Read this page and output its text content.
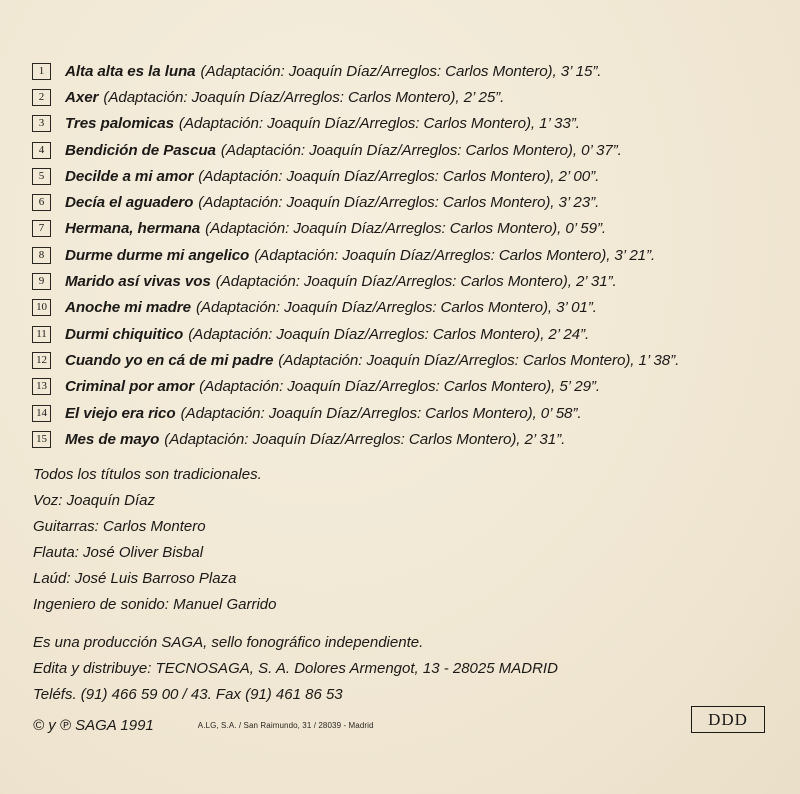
1	Alta alta es la luna (Adaptación: Joaquín Díaz/Arreglos: Carlos Montero), 3’ 15”.
2	Axer (Adaptación: Joaquín Díaz/Arreglos: Carlos Montero), 2’ 25”.
3	Tres palomicas (Adaptación: Joaquín Díaz/Arreglos: Carlos Montero), 1’ 33”.
4	Bendición de Pascua (Adaptación: Joaquín Díaz/Arreglos: Carlos Montero), 0’ 37”.
5	Decilde a mi amor (Adaptación: Joaquín Díaz/Arreglos: Carlos Montero), 2’ 00”.
6	Decía el aguadero (Adaptación: Joaquín Díaz/Arreglos: Carlos Montero), 3’ 23”.
7	Hermana, hermana (Adaptación: Joaquín Díaz/Arreglos: Carlos Montero), 0’ 59”.
8	Durme durme mi angelico (Adaptación: Joaquín Díaz/Arreglos: Carlos Montero), 3’ 21”.
9	Marido así vivas vos (Adaptación: Joaquín Díaz/Arreglos: Carlos Montero), 2’ 31”.
10 Anoche mi madre (Adaptación: Joaquín Díaz/Arreglos: Carlos Montero), 3’ 01”.
11 Durmi chiquitico (Adaptación: Joaquín Díaz/Arreglos: Carlos Montero), 2’ 24”.
12 Cuando yo en cá de mi padre (Adaptación: Joaquín Díaz/Arreglos: Carlos Montero), 1’ 38”.
13 Criminal por amor (Adaptación: Joaquín Díaz/Arreglos: Carlos Montero), 5’ 29”.
14 El viejo era rico (Adaptación: Joaquín Díaz/Arreglos: Carlos Montero), 0’ 58”.
15 Mes de mayo (Adaptación: Joaquín Díaz/Arreglos: Carlos Montero), 2’ 31”.
Todos los títulos son tradicionales.
Voz: Joaquín Díaz
Guitarras: Carlos Montero
Flauta: José Oliver Bisbal
Laúd: José Luis Barroso Plaza
Ingeniero de sonido: Manuel Garrido
Es una producción SAGA, sello fonográfico independiente.
Edita y distribuye: TECNOSAGA, S. A. Dolores Armengot, 13 - 28025 MADRID
Teléfs. (91) 466 59 00 / 43. Fax (91) 461 86 53
© y ℗ SAGA 1991	A.LG, S.A. / San Raimundo, 31 / 28039 - Madrid	DDD
